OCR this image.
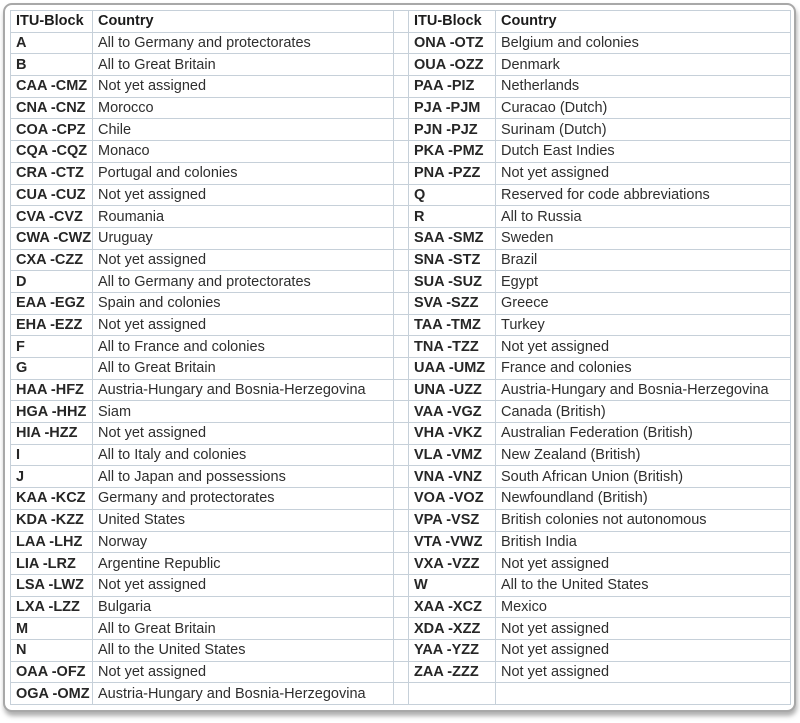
ITU-Block	Country		ITU-Block	Country
A	All to Germany and protectorates		ONA -OTZ	Belgium and colonies
B	All to Great Britain		OUA -OZZ	Denmark
CAA -CMZ	Not yet assigned		PAA -PIZ	Netherlands
CNA -CNZ	Morocco		PJA -PJM	Curacao (Dutch)
COA -CPZ	Chile		PJN -PJZ	Surinam (Dutch)
CQA -CQZ	Monaco		PKA -PMZ	Dutch East Indies
CRA -CTZ	Portugal and colonies		PNA -PZZ	Not yet assigned
CUA -CUZ	Not yet assigned		Q	Reserved for code abbreviations
CVA -CVZ	Roumania		R	All to Russia
CWA -CWZ	Uruguay		SAA -SMZ	Sweden
CXA -CZZ	Not yet assigned		SNA -STZ	Brazil
D	All to Germany and protectorates		SUA -SUZ	Egypt
EAA -EGZ	Spain and colonies		SVA -SZZ	Greece
EHA -EZZ	Not yet assigned		TAA -TMZ	Turkey
F	All to France and colonies		TNA -TZZ	Not yet assigned
G	All to Great Britain		UAA -UMZ	France and colonies
HAA -HFZ	Austria-Hungary and Bosnia-Herzegovina		UNA -UZZ	Austria-Hungary and Bosnia-Herzegovina
HGA -HHZ	Siam		VAA -VGZ	Canada (British)
HIA -HZZ	Not yet assigned		VHA -VKZ	Australian Federation (British)
I	All to Italy and colonies		VLA -VMZ	New Zealand (British)
J	All to Japan and possessions		VNA -VNZ	South African Union (British)
KAA -KCZ	Germany and protectorates		VOA -VOZ	Newfoundland (British)
KDA -KZZ	United States		VPA -VSZ	British colonies not autonomous
LAA -LHZ	Norway		VTA -VWZ	British India
LIA -LRZ	Argentine Republic		VXA -VZZ	Not yet assigned
LSA -LWZ	Not yet assigned		W	All to the United States
LXA -LZZ	Bulgaria		XAA -XCZ	Mexico
M	All to Great Britain		XDA -XZZ	Not yet assigned
N	All to the United States		YAA -YZZ	Not yet assigned
OAA -OFZ	Not yet assigned		ZAA -ZZZ	Not yet assigned
OGA -OMZ	Austria-Hungary and Bosnia-Herzegovina			
